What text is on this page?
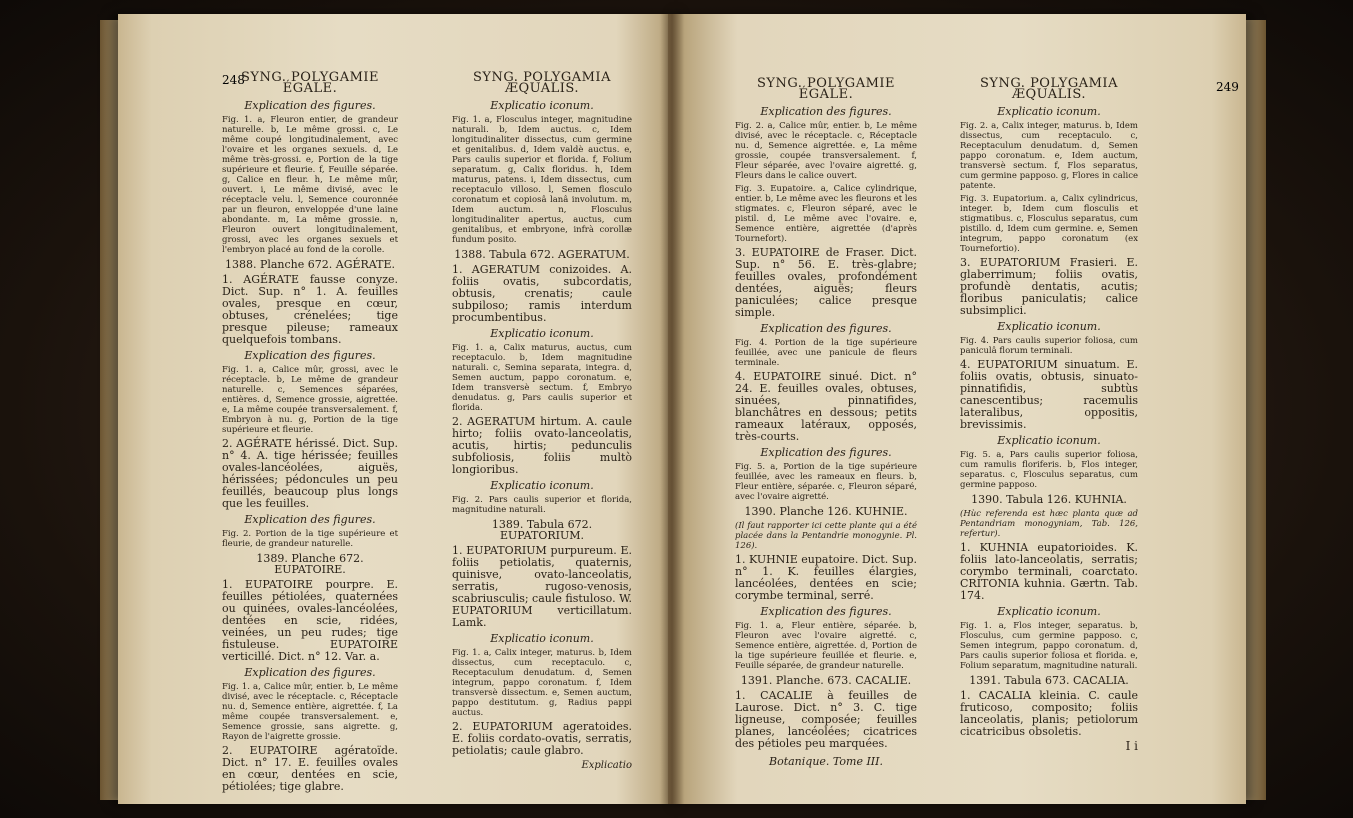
248	249
SYNG. POLYGAMIE ÉGALE.
Explication des figures.

Fig. 1. a, Fleuron entier, de grandeur naturelle. b, Le même grossi. c, Le même coupé longitudinalement, avec l'ovaire et les organes sexuels. d, Le même très-grossi. e, Portion de la tige supérieure et fleurie. f, Feuille séparée. g, Calice en fleur. h, Le même mûr, ouvert. i, Le même divisé, avec le réceptacle velu. l, Semence couronnée par un fleuron, enveloppée d'une laine abondante. m, La même grossie. n, Fleuron ouvert longitudinalement, grossi, avec les organes sexuels et l'embryon placé au fond de la corolle.

1388. Planche 672. AGÉRATE.

1. AGÉRATE fausse conyze. Dict. Sup. n° 1. A. feuilles ovales, presque en cœur, obtuses, crénelées; tige presque pileuse; rameaux quelquefois tombans.

Explication des figures.

Fig. 1. a, Calice mûr, grossi, avec le réceptacle. b, Le même de grandeur naturelle. c, Semences séparées, entières. d, Semence grossie, aigrettée. e, La même coupée transversalement. f, Embryon à nu. g, Portion de la tige supérieure et fleurie.

2. AGÉRATE hérissé. Dict. Sup. n° 4. A. tige hérissée; feuilles ovales-lancéolées, aiguës, hérissées; pédoncules un peu feuillés, beaucoup plus longs que les feuilles.

Explication des figures.

Fig. 2. Portion de la tige supérieure et fleurie, de grandeur naturelle.

1389. Planche 672. EUPATOIRE.

1. EUPATOIRE pourpre. E. feuilles pétiolées, quaternées ou quinées, ovales-lancéolées, dentées en scie, ridées, veinées, un peu rudes; tige fistuleuse. EUPATOIRE verticillé. Dict. n° 12. Var. a.

Explication des figures.

Fig. 1. a, Calice mûr, entier. b, Le même divisé, avec le réceptacle. c, Réceptacle nu. d, Semence entière, aigrettée. f, La même coupée transversalement. e, Semence grossie, sans aigrette. g, Rayon de l'aigrette grossie.

2. EUPATOIRE agératoïde. Dict. n° 17. E. feuilles ovales en cœur, dentées en scie, pétiolées; tige glabre.

SYNG. POLYGAMIA ÆQUALIS.
Explicatio iconum.

Fig. 1. a, Flosculus integer, magnitudine naturali. b, Idem auctus. c, Idem longitudinaliter dissectus, cum germine et genitalibus. d, Idem valdè auctus. e, Pars caulis superior et florida. f, Folium separatum. g, Calix floridus. h, Idem maturus, patens. i, Idem dissectus, cum receptaculo villoso. l, Semen flosculo coronatum et copiosâ lanâ involutum. m, Idem auctum. n, Flosculus longitudinaliter apertus, auctus, cum genitalibus, et embryone, infrà corollæ fundum posito.

1388. Tabula 672. AGERATUM.

1. AGERATUM conizoides. A. foliis ovatis, subcordatis, obtusis, crenatis; caule subpiloso; ramis interdum procumbentibus.

Explicatio iconum.

Fig. 1. a, Calix maturus, auctus, cum receptaculo. b, Idem magnitudine naturali. c, Semina separata, integra. d, Semen auctum, pappo coronatum. e, Idem transversè sectum. f, Embryo denudatus. g, Pars caulis superior et florida.

2. AGERATUM hirtum. A. caule hirto; foliis ovato-lanceolatis, acutis, hirtis; pedunculis subfoliosis, foliis multò longioribus.

Explicatio iconum.

Fig. 2. Pars caulis superior et florida, magnitudine naturali.

1389. Tabula 672. EUPATORIUM.

1. EUPATORIUM purpureum. E. foliis petiolatis, quaternis, quinisve, ovato-lanceolatis, serratis, rugoso-venosis, scabriusculis; caule fistuloso. W. EUPATORIUM verticillatum. Lamk.

Explicatio iconum.

Fig. 1. a, Calix integer, maturus. b, Idem dissectus, cum receptaculo. c, Receptaculum denudatum. d, Semen integrum, pappo coronatum. f, Idem transversè dissectum. e, Semen auctum, pappo destitutum. g, Radius pappi auctus.

2. EUPATORIUM ageratoides. E. foliis cordato-ovatis, serratis, petiolatis; caule glabro.

Explicatio
SYNG. POLYGAMIE ÉGALE.
Explication des figures.

Fig. 2. a, Calice mûr, entier. b, Le même divisé, avec le réceptacle. c, Réceptacle nu. d, Semence aigrettée. e, La même grossie, coupée transversalement. f, Fleur séparée, avec l'ovaire aigretté. g, Fleurs dans le calice ouvert.

Fig. 3. Eupatoire. a, Calice cylindrique, entier. b, Le même avec les fleurons et les stigmates. c, Fleuron séparé, avec le pistil. d, Le même avec l'ovaire. e, Semence entière, aigrettée (d'après Tournefort).

3. EUPATOIRE de Fraser. Dict. Sup. n° 56. E. très-glabre; feuilles ovales, profondément dentées, aiguës; fleurs paniculées; calice presque simple.

Explication des figures.

Fig. 4. Portion de la tige supérieure feuillée, avec une panicule de fleurs terminale.

4. EUPATOIRE sinué. Dict. n° 24. E. feuilles ovales, obtuses, sinuées, pinnatifides, blanchâtres en dessous; petits rameaux latéraux, opposés, très-courts.

Explication des figures.

Fig. 5. a, Portion de la tige supérieure feuillée, avec les rameaux en fleurs. b, Fleur entière, séparée. c, Fleuron séparé, avec l'ovaire aigretté.

1390. Planche 126. KUHNIE.

(Il faut rapporter ici cette plante qui a été placée dans la Pentandrie monogynie. Pl. 126).

1. KUHNIE eupatoire. Dict. Sup. n° 1. K. feuilles élargies, lancéolées, dentées en scie; corymbe terminal, serré.

Explication des figures.

Fig. 1. a, Fleur entière, séparée. b, Fleuron avec l'ovaire aigretté. c, Semence entière, aigrettée. d, Portion de la tige supérieure feuillée et fleurie. e, Feuille séparée, de grandeur naturelle.

1391. Planche. 673. CACALIE.

1. CACALIE à feuilles de Laurose. Dict. n° 3. C. tige ligneuse, composée; feuilles planes, lancéolées; cicatrices des pétioles peu marquées.

Botanique. Tome III.
SYNG. POLYGAMIA ÆQUALIS.
Explicatio iconum.

Fig. 2. a, Calix integer, maturus. b, Idem dissectus, cum receptaculo. c, Receptaculum denudatum. d, Semen pappo coronatum. e, Idem auctum, transversè sectum. f, Flos separatus, cum germine papposo. g, Flores in calice patente.

Fig. 3. Eupatorium. a, Calix cylindricus, integer. b, Idem cum flosculis et stigmatibus. c, Flosculus separatus, cum pistillo. d, Idem cum germine. e, Semen integrum, pappo coronatum (ex Tournefortio).

3. EUPATORIUM Frasieri. E. glaberrimum; foliis ovatis, profundè dentatis, acutis; floribus paniculatis; calice subsimplici.

Explicatio iconum.

Fig. 4. Pars caulis superior foliosa, cum paniculâ florum terminali.

4. EUPATORIUM sinuatum. E. foliis ovatis, obtusis, sinuato-pinnatifidis, subtùs canescentibus; racemulis lateralibus, oppositis, brevissimis.

Explicatio iconum.

Fig. 5. a, Pars caulis superior foliosa, cum ramulis floriferis. b, Flos integer, separatus. c, Flosculus separatus, cum germine papposo.

1390. Tabula 126. KUHNIA.

(Hùc referenda est hæc planta quæ ad Pentandriam monogyniam, Tab. 126, refertur).

1. KUHNIA eupatorioides. K. foliis lato-lanceolatis, serratis; corymbo terminali, coarctato. CRITONIA kuhnia. Gærtn. Tab. 174.

Explicatio iconum.

Fig. 1. a, Flos integer, separatus. b, Flosculus, cum germine papposo. c, Semen integrum, pappo coronatum. d, Pars caulis superior foliosa et florida. e, Folium separatum, magnitudine naturali.

1391. Tabula 673. CACALIA.

1. CACALIA kleinia. C. caule fruticoso, composito; foliis lanceolatis, planis; petiolorum cicatricibus obsoletis.

I i
